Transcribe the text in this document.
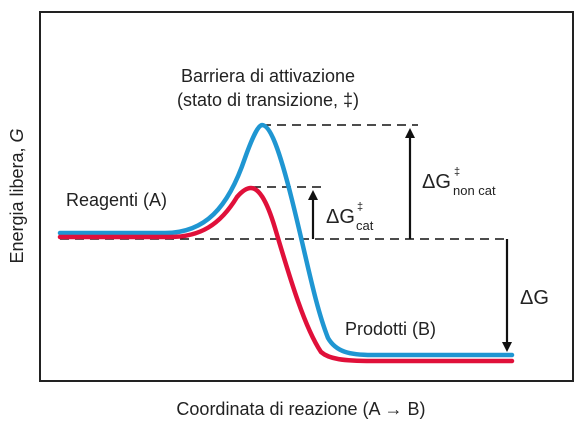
Barriera di attivazione
(stato di transizione, ‡)
Reagenti (A)
Prodotti (B)
ΔG ‡
cat
ΔG ‡
non cat
ΔG
Energia libera, G
Coordinata di reazione (A → B)
